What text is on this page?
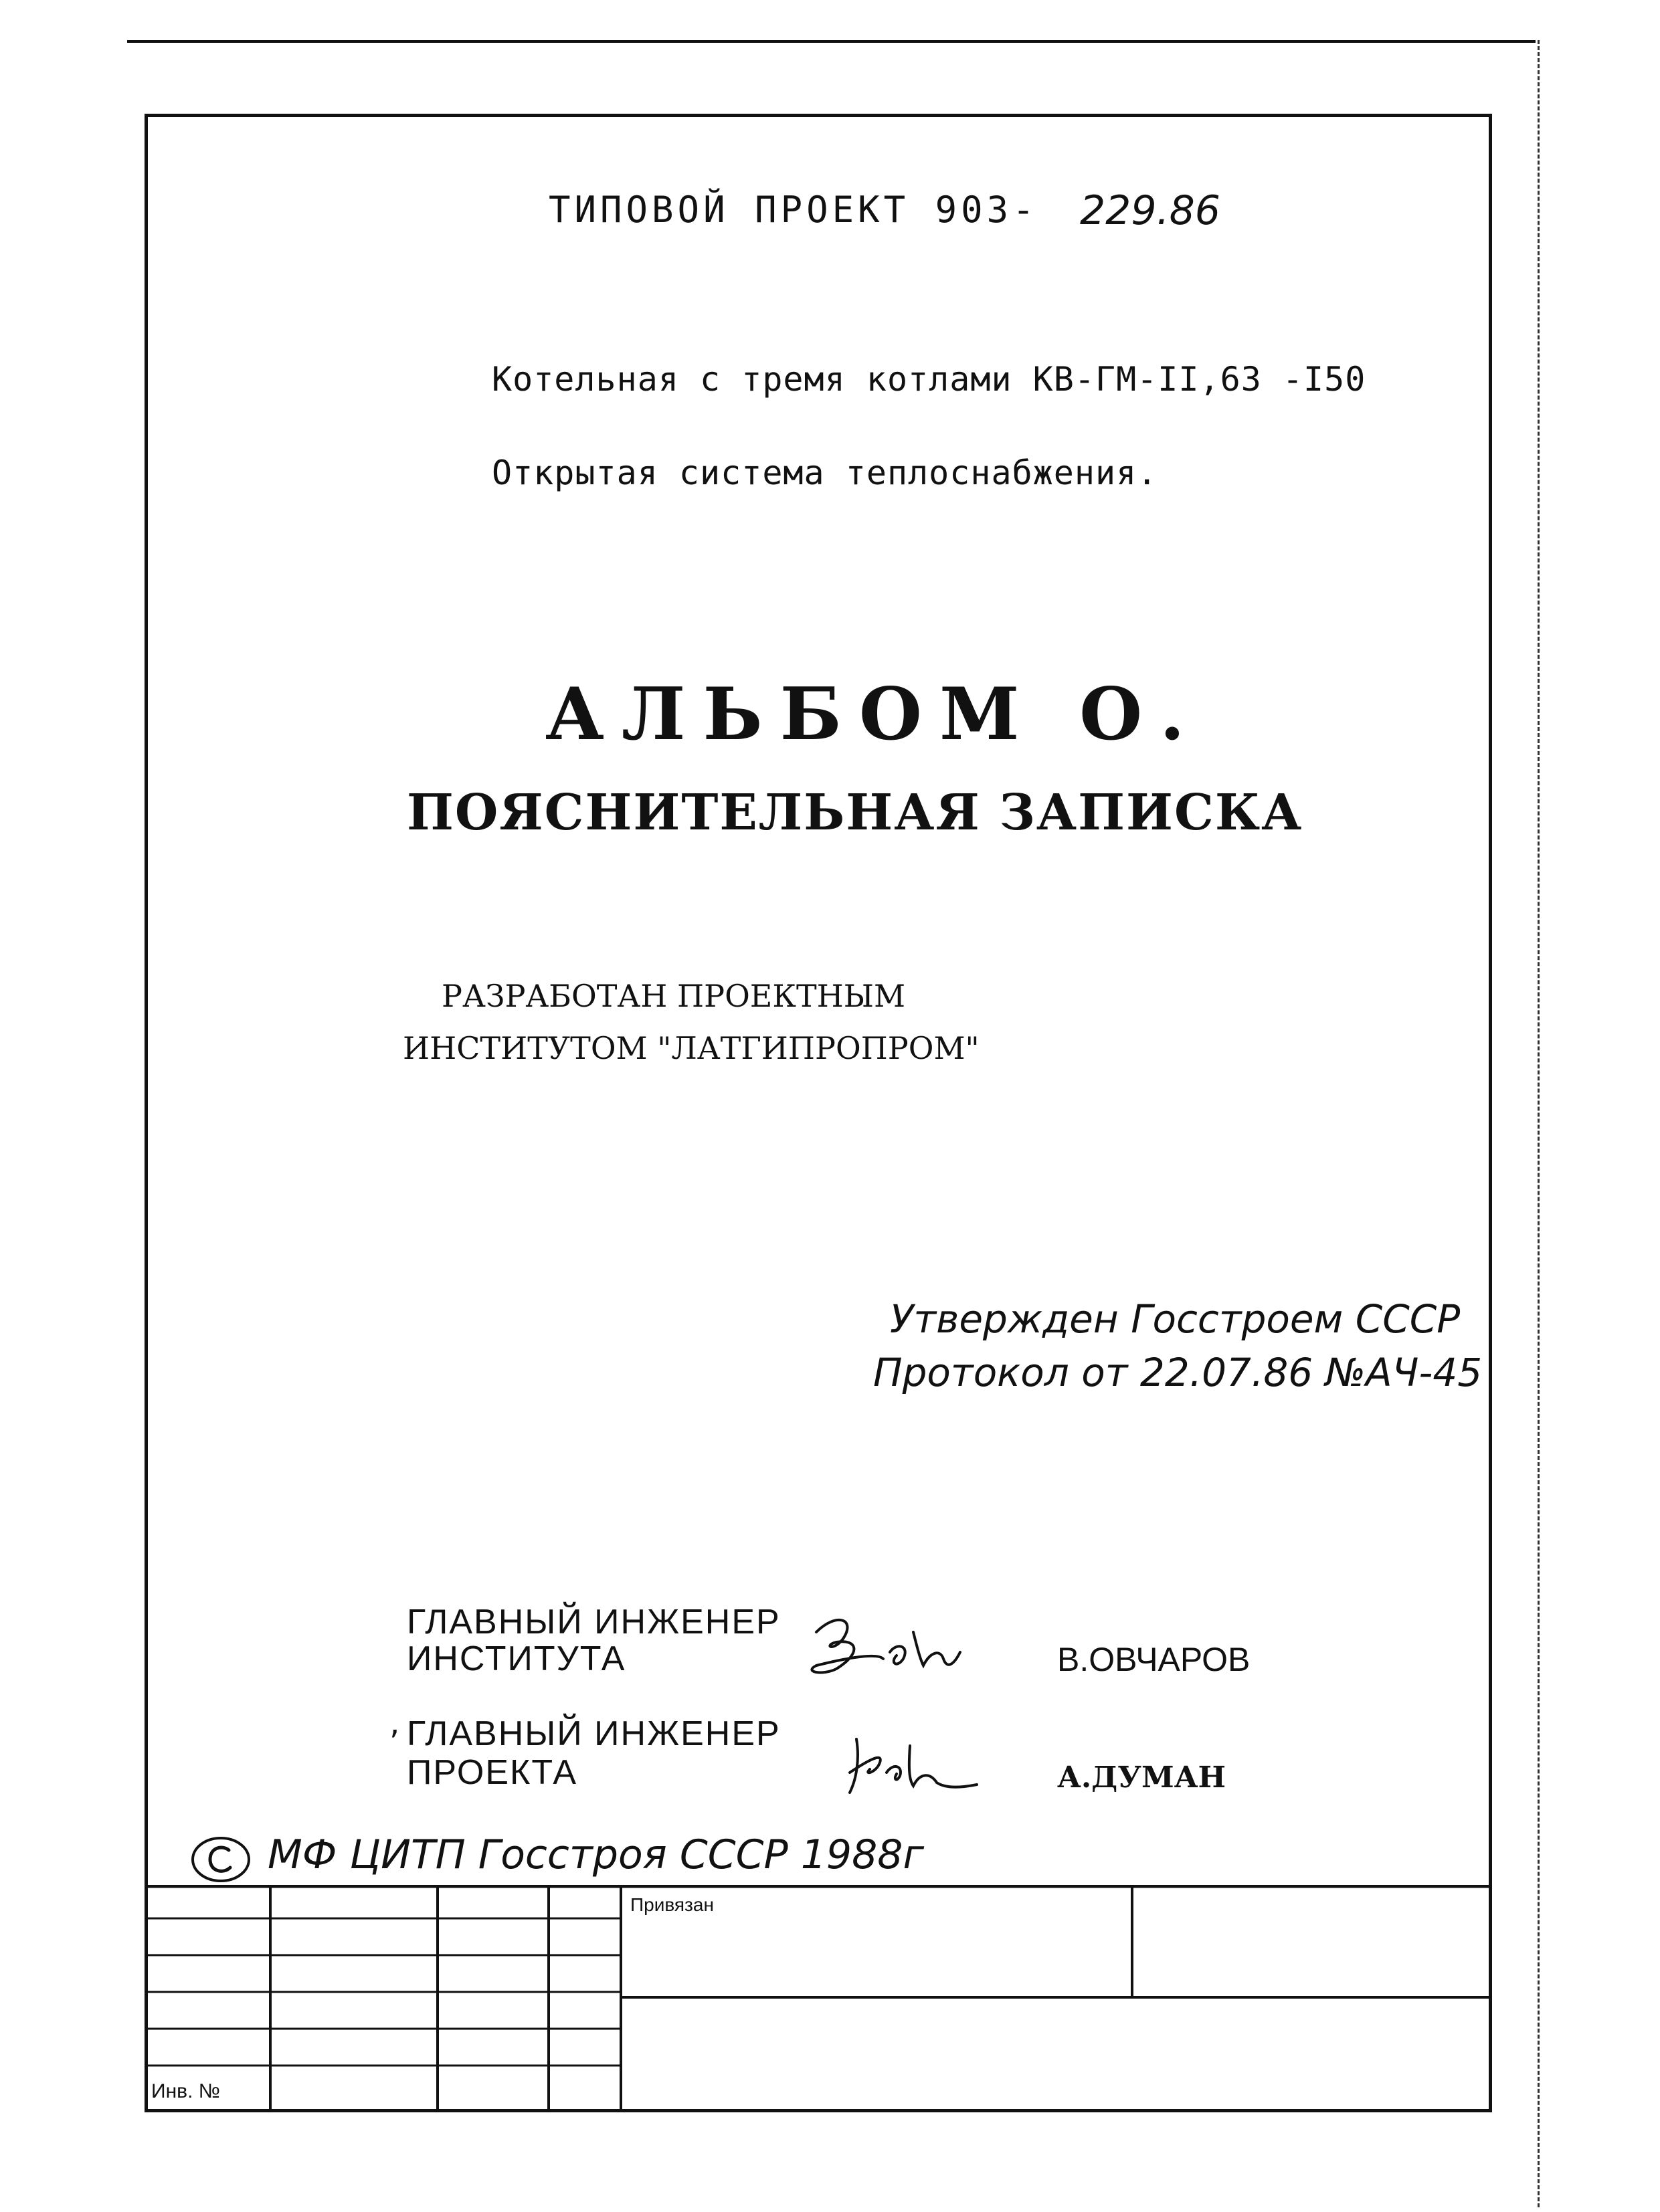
ТИПОВОЙ ПРОЕКТ 903- 229.86
Котельная с тремя котлами КВ-ГМ-II,63 -I50
Открытая система теплоснабжения.
АЛЬБОМ О.
ПОЯСНИТЕЛЬНАЯ ЗАПИСКА
РАЗРАБОТАН ПРОЕКТНЫМ
ИНСТИТУТОМ "ЛАТГИПРОПРОМ"
Утвержден Госстроем СССР
Протокол от 22.07.86 №АЧ-45
ГЛАВНЫЙ ИНЖЕНЕР
ИНСТИТУТА	В.ОВЧАРОВ
, ГЛАВНЫЙ ИНЖЕНЕР
ПРОЕКТА	А.ДУМАН
МФ ЦИТП Госстроя СССР 1988г
Привязан
Инв. №
